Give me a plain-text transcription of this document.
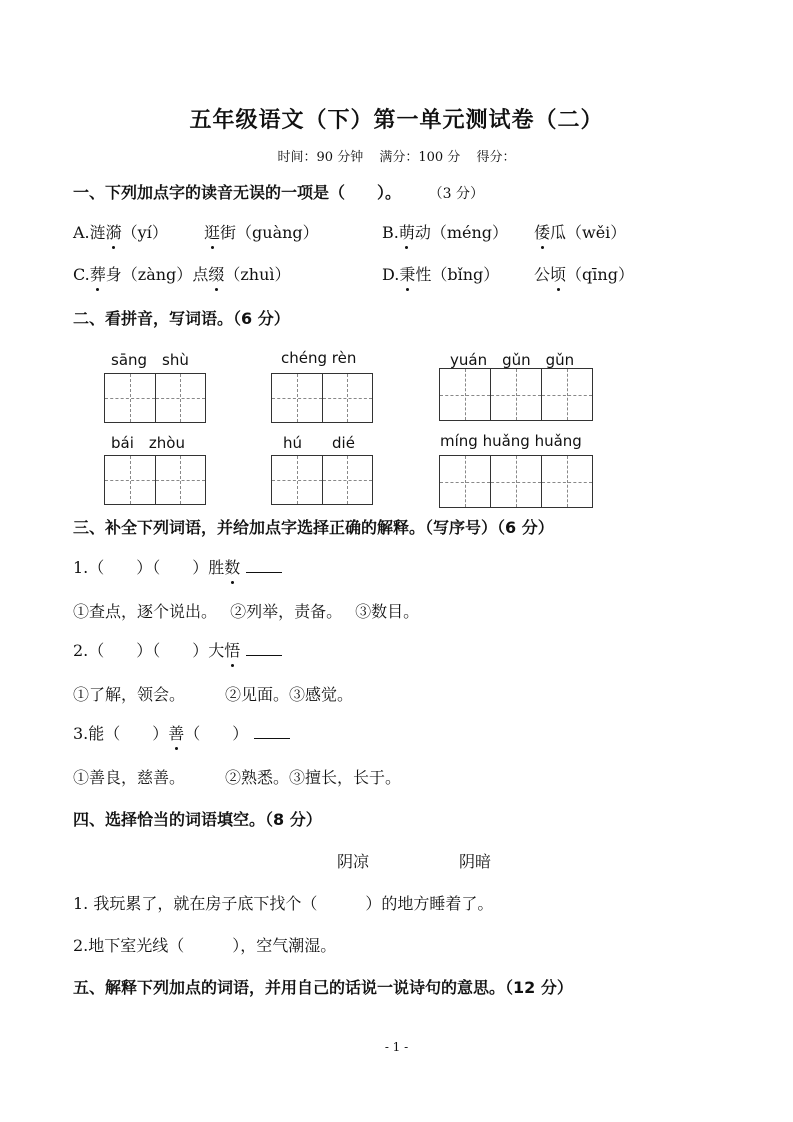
五年级语文（下）第一单元测试卷（二）
时间：90 分钟 满分：100 分 得分：
一、下列加点字的读音无误的一项是（　　）。 （3 分）
A.涟漪（yí） 逛街（guàng）	B.萌动（méng） 倭瓜（wěi）
C.葬身（zàng）点缀（zhuì）	D.秉性（bǐng） 公顷（qīng）
二、看拼音，写词语。（6 分）
sāng　shù	chéng rèn	yuán　gǔn　gǔn
bái　zhòu	hú　　dié	míng huǎng huǎng
三、补全下列词语，并给加点字选择正确的解释。（写序号）（6 分）
1.（　　）（　　）胜数
①查点，逐个说出。　 ②列举，责备。　 ③数目。
2.（　　）（　　）大悟
①了解，领会。　　　②见面。③感觉。
3.能（　　）善（　　）
①善良，慈善。　　　②熟悉。③擅长，长于。
四、选择恰当的词语填空。（8 分）
阴凉	阴暗
1. 我玩累了，就在房子底下找个（　　　）的地方睡着了。
2.地下室光线（　　　），空气潮湿。
五、解释下列加点的词语，并用自己的话说一说诗句的意思。（12 分）
- 1 -
